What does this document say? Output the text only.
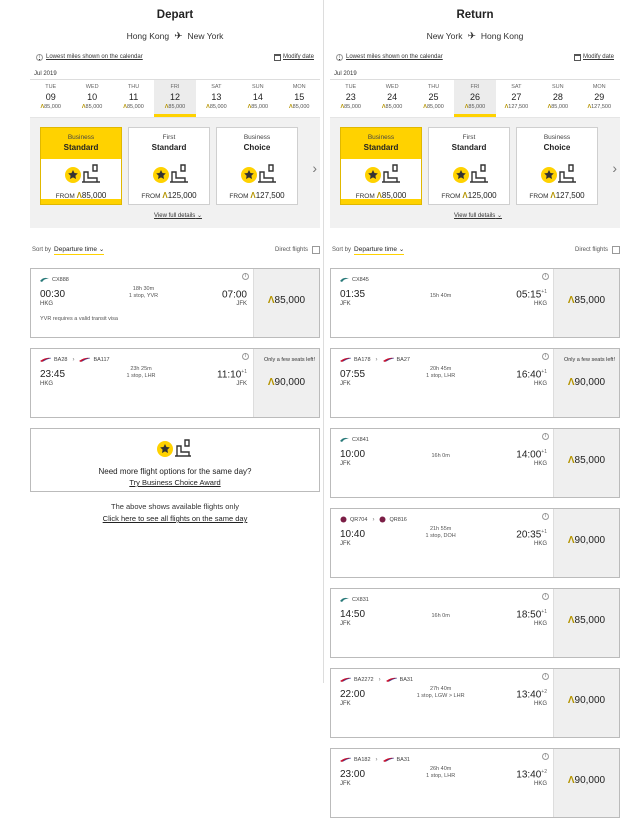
Depart
Hong Kong ✈ New York
i Lowest miles shown on the calendar	Modify date
Jul 2019
TUE
09
Λ85,000
WED
10
Λ85,000
THU
11
Λ85,000
FRI
12
Λ85,000
SAT
13
Λ85,000
SUN
14
Λ85,000
MON
15
Λ85,000
Business
Standard
FROM Λ85,000
First
Standard
FROM Λ125,000
Business
Choice
FROM Λ127,500
›
View full details ⌄
Sort by Departure time ⌄	Direct flights
CX888
i
00:30	18h 30m
1 stop, YVR	07:00
HKG	JFK
YVR requires a valid transit visa
Λ85,000
BA28 ›	BA117
i
23:45	23h 25m
1 stop, LHR	$11:10^{+1}$
HKG	JFK
Only a few seats left!
Λ90,000
Need more flight options for the same day?
Try Business Choice Award
The above shows available flights only
Click here to see all flights on the same day
Return
New York ✈ Hong Kong
i Lowest miles shown on the calendar	Modify date
Jul 2019
TUE
23
Λ85,000
WED
24
Λ85,000
THU
25
Λ85,000
FRI
26
Λ85,000
SAT
27
Λ127,500
SUN
28
Λ85,000
MON
29
Λ127,500
Business
Standard
FROM Λ85,000
First
Standard
FROM Λ125,000
Business
Choice
FROM Λ127,500
›
View full details ⌄
Sort by Departure time ⌄	Direct flights
CX845
i
01:35	15h 40m	$05:15^{+1}$
JFK	HKG	Λ85,000
BA178 ›	BA27
i
07:55	20h 45m
1 stop, LHR	$16:40^{+1}$
JFK	HKG
Only a few seats left!
Λ90,000
CX841
i
10:00	16h 0m	$14:00^{+1}$
JFK	HKG	Λ85,000
QR704 ›	QR816
i
10:40	21h 55m
1 stop, DOH	$20:35^{+1}$
JFK	HKG	Λ90,000
CX831
i
14:50	16h 0m	$18:50^{+1}$
JFK	HKG	Λ85,000
BA2272 ›	BA31
i
22:00	27h 40m
1 stop, LGW > LHR	$13:40^{+2}$
JFK	HKG	Λ90,000
BA182 ›	BA31
i
23:00	26h 40m
1 stop, LHR	$13:40^{+2}$
JFK	HKG	Λ90,000
